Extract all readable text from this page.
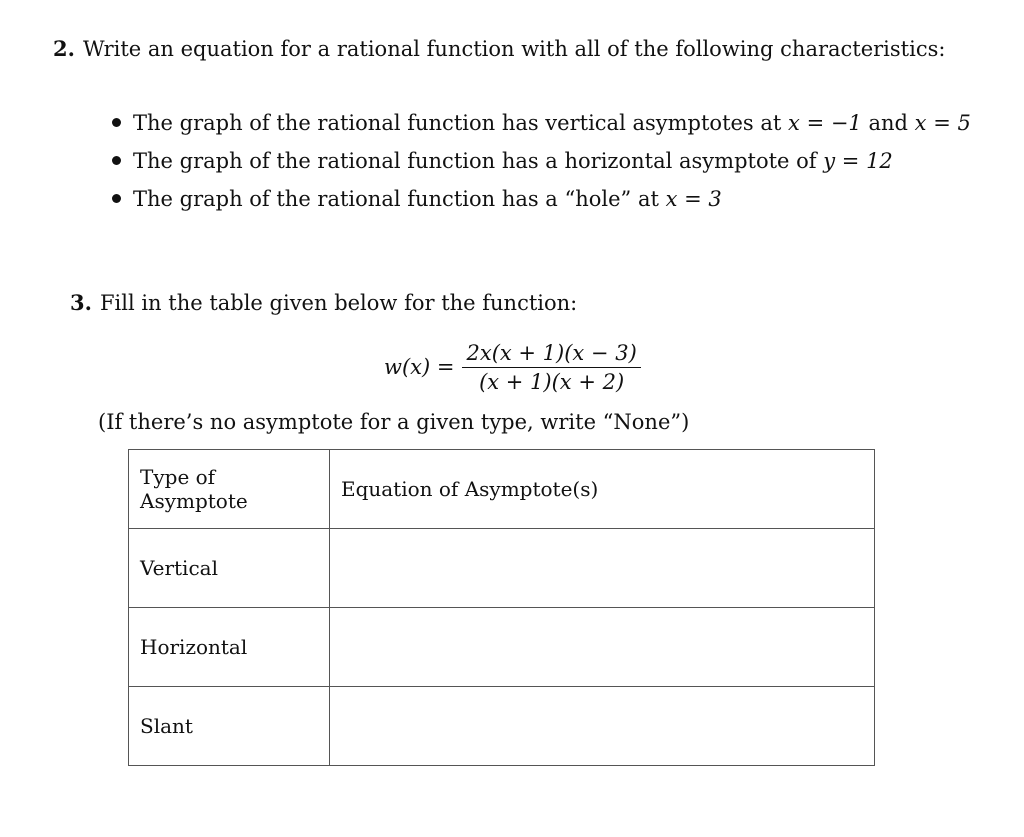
2. Write an equation for a rational function with all of the following characteristics:
The graph of the rational function has vertical asymptotes at x = −1 and x = 5
The graph of the rational function has a horizontal asymptote of y = 12
The graph of the rational function has a “hole” at x = 3
3. Fill in the table given below for the function:
$w(x) = \frac{2x(x + 1)(x - 3)}{(x + 1)(x + 2)}$
(If there’s no asymptote for a given type, write “None”)
Type of Asymptote	Equation of Asymptote(s)
Vertical	
Horizontal	
Slant	
